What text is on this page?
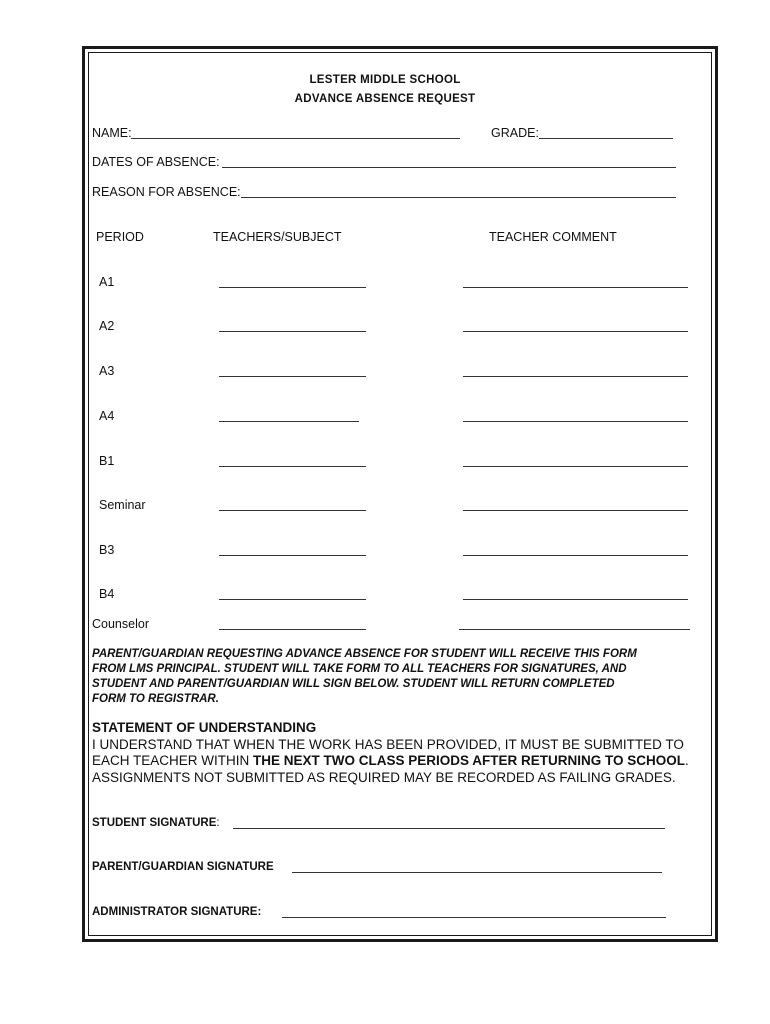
LESTER MIDDLE SCHOOL
ADVANCE ABSENCE REQUEST
NAME:	GRADE:
DATES OF ABSENCE:
REASON FOR ABSENCE:
PERIOD	TEACHERS/SUBJECT	TEACHER COMMENT
A1
A2
A3
A4
B1
Seminar
B3
B4
Counselor
PARENT/GUARDIAN REQUESTING ADVANCE ABSENCE FOR STUDENT WILL RECEIVE THIS FORM
FROM LMS PRINCIPAL. STUDENT WILL TAKE FORM TO ALL TEACHERS FOR SIGNATURES, AND
STUDENT AND PARENT/GUARDIAN WILL SIGN BELOW. STUDENT WILL RETURN COMPLETED
FORM TO REGISTRAR.
STATEMENT OF UNDERSTANDING
I UNDERSTAND THAT WHEN THE WORK HAS BEEN PROVIDED, IT MUST BE SUBMITTED TO
EACH TEACHER WITHIN THE NEXT TWO CLASS PERIODS AFTER RETURNING TO SCHOOL.
ASSIGNMENTS NOT SUBMITTED AS REQUIRED MAY BE RECORDED AS FAILING GRADES.
STUDENT SIGNATURE:
PARENT/GUARDIAN SIGNATURE
ADMINISTRATOR SIGNATURE:
